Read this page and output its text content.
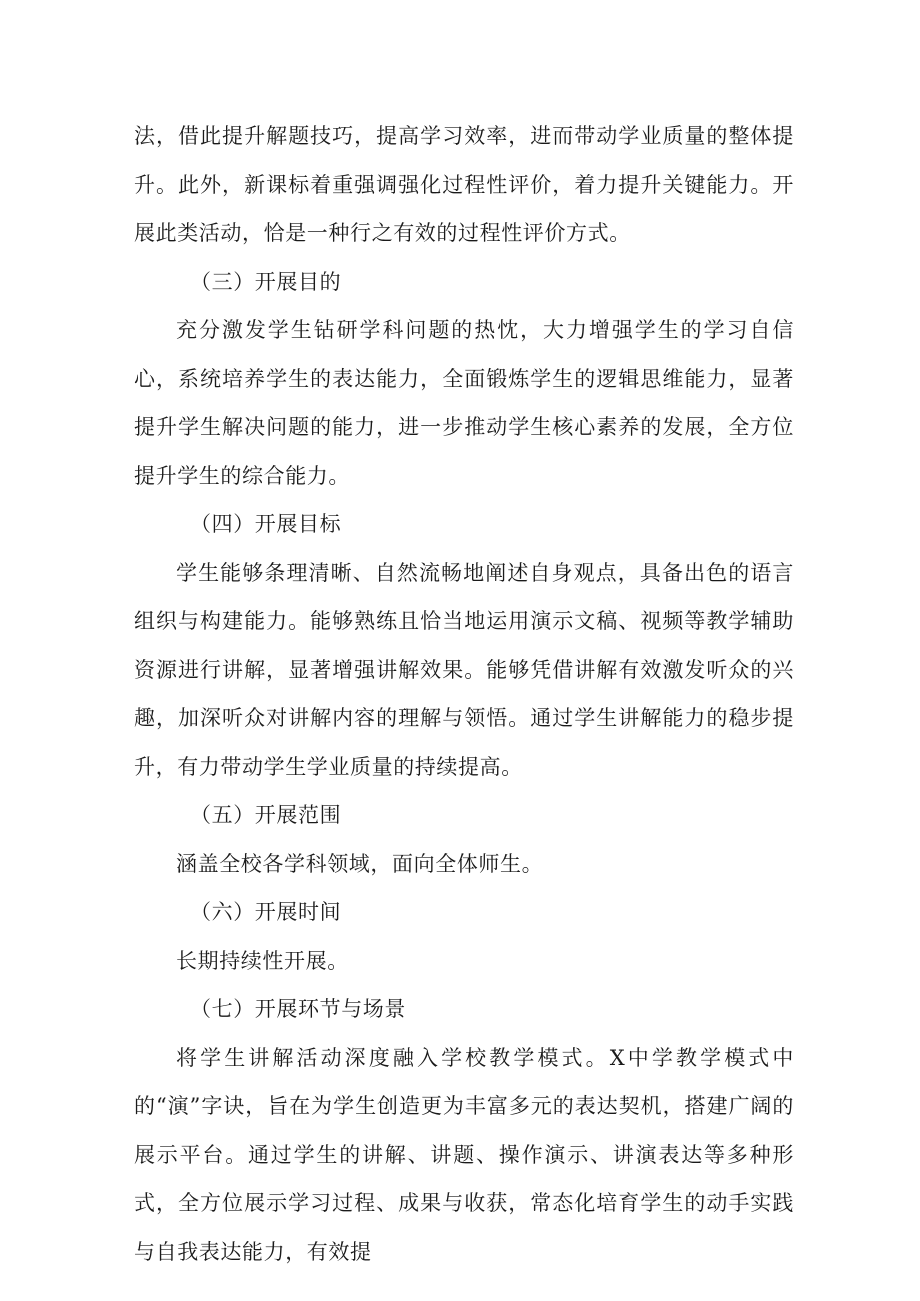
法，借此提升解题技巧，提高学习效率，进而带动学业质量的整体提升。此外，新课标着重强调强化过程性评价，着力提升关键能力。开展此类活动，恰是一种行之有效的过程性评价方式。

（三）开展目的

充分激发学生钻研学科问题的热忱，大力增强学生的学习自信心，系统培养学生的表达能力，全面锻炼学生的逻辑思维能力，显著提升学生解决问题的能力，进一步推动学生核心素养的发展，全方位提升学生的综合能力。

（四）开展目标

学生能够条理清晰、自然流畅地阐述自身观点，具备出色的语言组织与构建能力。能够熟练且恰当地运用演示文稿、视频等教学辅助资源进行讲解，显著增强讲解效果。能够凭借讲解有效激发听众的兴趣，加深听众对讲解内容的理解与领悟。通过学生讲解能力的稳步提升，有力带动学生学业质量的持续提高。

（五）开展范围

涵盖全校各学科领域，面向全体师生。

（六）开展时间

长期持续性开展。

（七）开展环节与场景

将学生讲解活动深度融入学校教学模式。X中学教学模式中的“演”字诀，旨在为学生创造更为丰富多元的表达契机，搭建广阔的展示平台。通过学生的讲解、讲题、操作演示、讲演表达等多种形式，全方位展示学习过程、成果与收获，常态化培育学生的动手实践与自我表达能力，有效提
